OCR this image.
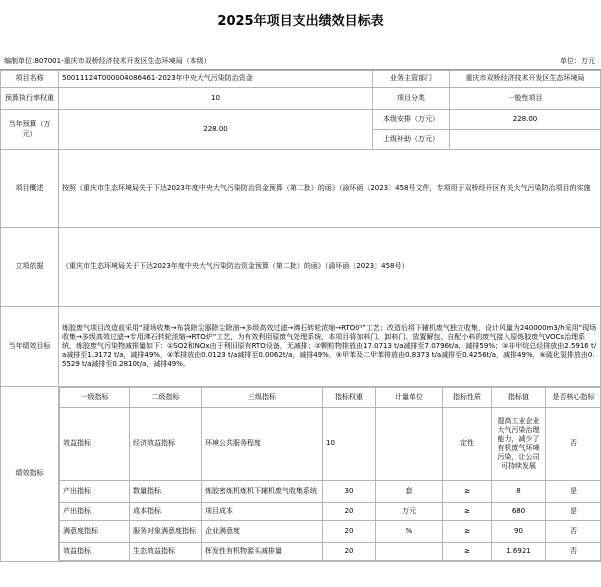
2025年项目支出绩效目标表
编制单位:807001-重庆市双桥经济技术开发区生态环境局（本级）	单位：万元
项目名称	50011124T000004086461-2023年中央大气污染防治资金	业务主管部门	重庆市双桥经济技术开发区生态环境局
预算执行率权重	10	项目分类	一般性项目
当年预算（万元）	228.00	本级安排（万元）	228.00
上级补助（万元）	
项目概述	按照《重庆市生态环境局关于下达2023年度中央大气污染防治资金预算（第二批）的函》（渝环函〔2023〕458号文件，专项用于双桥经开区有关大气污染防治项目的实施
立项依据	《重庆市生态环境局关于下达2023年度中央大气污染防治资金预算（第二批）的函》（渝环函〔2023〕458号）
当年绩效目标	炼胶废气项目改造前采用“现场收集→布袋除尘器除尘除油→多级高效过滤→沸石转轮浓缩→RTO炉”工艺；改造后将下辅机废气独立收集，设计风量为240000m3/h采用“现场收集→多级高效过滤→专用沸石转轮浓缩→RTO炉”工艺，为有效利用原废气处理系统，本项目将加料门、卸料门、放置解包、自配小料的废气接入原炼胶废气VOCs治理系统，炼胶废气污染物减排量如下：①SO2和NOx由于利旧原有RTO设备，无减排；②颗粒物排放由17.0713 t/a减排至7.0796t/a，减排59%；③非甲烷总烃排放由2.5916 t/a减排至1.3172 t/a，减排49%，④苯排放由0.0123 t/a减排至0.0062t/a，减排49%，⑤甲苯及二甲苯排放由0.8373 t/a减排至0.4256t/a，减排49%，⑥硫化氢排放由0.5529 t/a减排至0.2810t/a，减排49%。
绩效指标	
一级指标	二级指标	三级指标	指标权重	计量单位	指标性质	指标值	是否核心指标
效益指标	经济效益指标	环境公共服务程度	10		定性	提高工业企业大气污染治理能力，减少了有机废气环境污染，让公司可持续发展	否
产出指标	数量指标	炼胶密炼机炼机下辅机废气收集系统	30	套	≥	8	是
产出指标	成本指标	项目成本	20	万元	≥	680	是
满意度指标	服务对象满意度指标	企业满意度	20	%	≥	90	否
效益指标	生态效益指标	挥发性有机物源头减排量	20		≥	1.6921	否
